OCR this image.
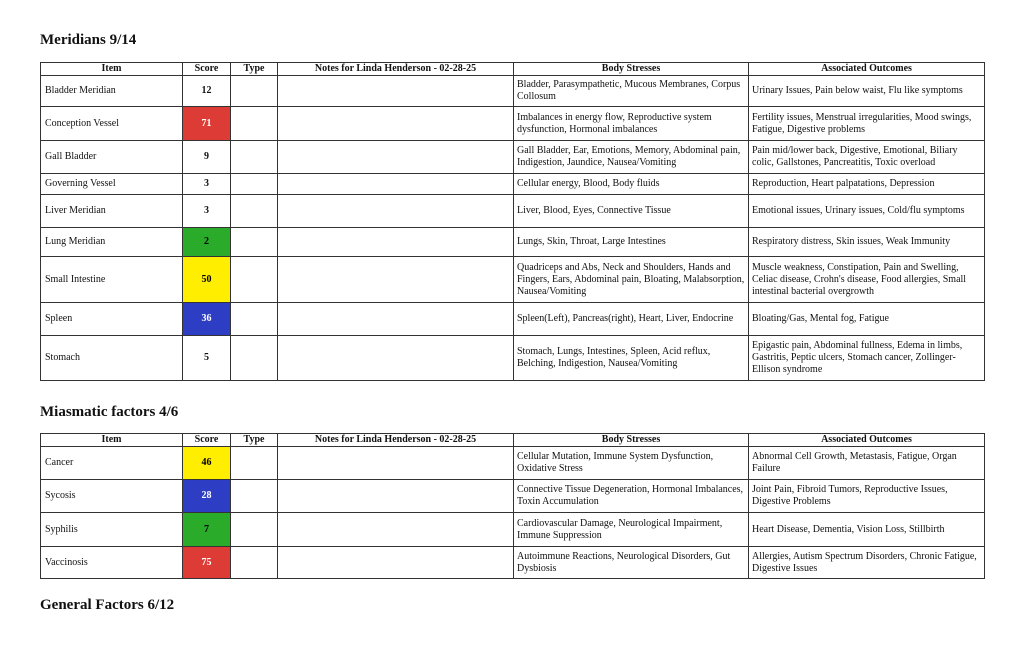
Meridians 9/14
Item	Score	Type	Notes for Linda Henderson - 02-28-25	Body Stresses	Associated Outcomes
Bladder Meridian	12			Bladder, Parasympathetic, Mucous Membranes, Corpus Collosum	Urinary Issues, Pain below waist, Flu like symptoms
Conception Vessel	71			Imbalances in energy flow, Reproductive system dysfunction, Hormonal imbalances	Fertility issues, Menstrual irregularities, Mood swings, Fatigue, Digestive problems
Gall Bladder	9			Gall Bladder, Ear, Emotions, Memory, Abdominal pain, Indigestion, Jaundice, Nausea/Vomiting	Pain mid/lower back, Digestive, Emotional, Biliary colic, Gallstones, Pancreatitis, Toxic overload
Governing Vessel	3			Cellular energy, Blood, Body fluids	Reproduction, Heart palpatations, Depression
Liver Meridian	3			Liver, Blood, Eyes, Connective Tissue	Emotional issues, Urinary issues, Cold/flu symptoms
Lung Meridian	2			Lungs, Skin, Throat, Large Intestines	Respiratory distress, Skin issues, Weak Immunity
Small Intestine	50			Quadriceps and Abs, Neck and Shoulders, Hands and Fingers, Ears, Abdominal pain, Bloating, Malabsorption, Nausea/Vomiting	Muscle weakness, Constipation, Pain and Swelling, Celiac disease, Crohn's disease, Food allergies, Small intestinal bacterial overgrowth
Spleen	36			Spleen(Left), Pancreas(right), Heart, Liver, Endocrine	Bloating/Gas, Mental fog, Fatigue
Stomach	5			Stomach, Lungs, Intestines, Spleen, Acid reflux, Belching, Indigestion, Nausea/Vomiting	Epigastic pain, Abdominal fullness, Edema in limbs, Gastritis, Peptic ulcers, Stomach cancer, Zollinger-Ellison syndrome
Miasmatic factors 4/6
Item	Score	Type	Notes for Linda Henderson - 02-28-25	Body Stresses	Associated Outcomes
Cancer	46			Cellular Mutation, Immune System Dysfunction, Oxidative Stress	Abnormal Cell Growth, Metastasis, Fatigue, Organ Failure
Sycosis	28			Connective Tissue Degeneration, Hormonal Imbalances, Toxin Accumulation	Joint Pain, Fibroid Tumors, Reproductive Issues, Digestive Problems
Syphilis	7			Cardiovascular Damage, Neurological Impairment, Immune Suppression	Heart Disease, Dementia, Vision Loss, Stillbirth
Vaccinosis	75			Autoimmune Reactions, Neurological Disorders, Gut Dysbiosis	Allergies, Autism Spectrum Disorders, Chronic Fatigue, Digestive Issues
General Factors 6/12
